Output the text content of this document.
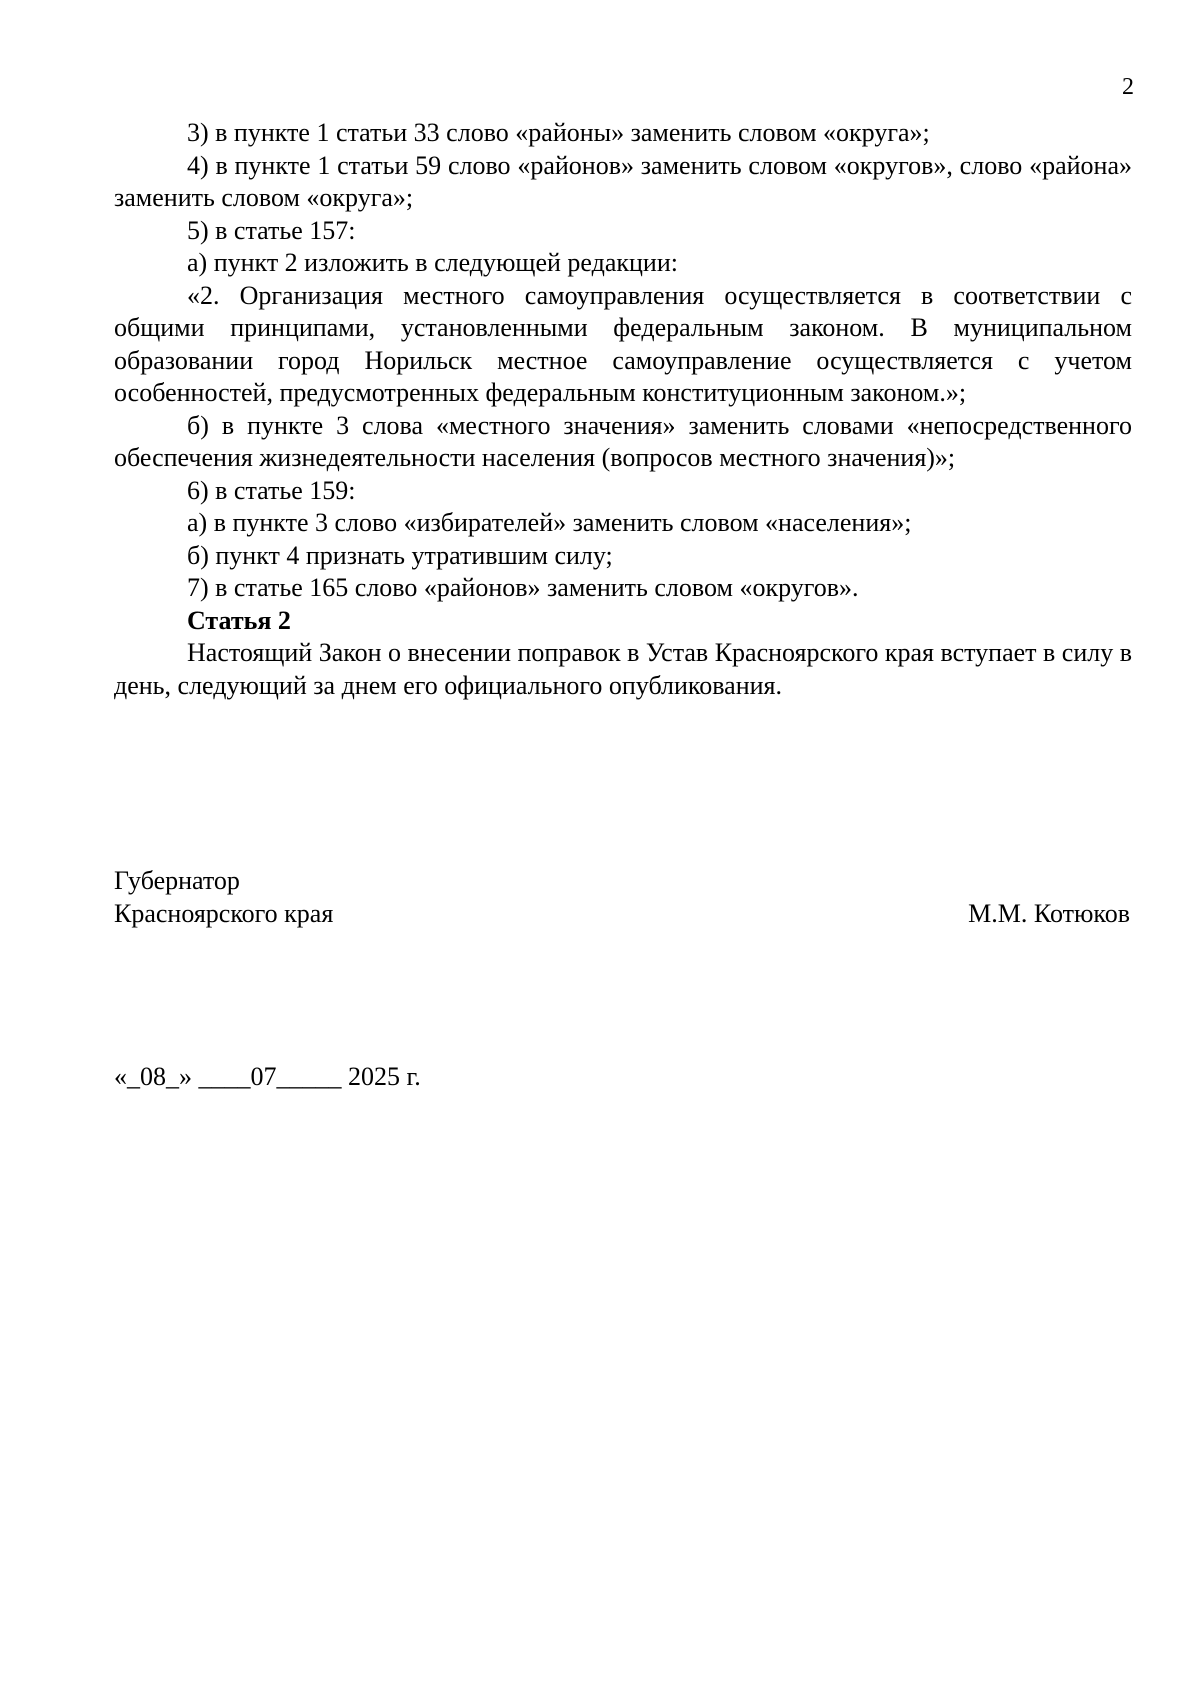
2

3) в пункте 1 статьи 33 слово «районы» заменить словом «округа»;

4) в пункте 1 статьи 59 слово «районов» заменить словом «округов», слово «района» заменить словом «округа»;

5) в статье 157:

а) пункт 2 изложить в следующей редакции:

«2. Организация местного самоуправления осуществляется в соответствии с общими принципами, установленными федеральным законом. В муниципальном образовании город Норильск местное самоуправление осуществляется с учетом особенностей, предусмотренных федеральным конституционным законом.»;

б) в пункте 3 слова «местного значения» заменить словами «непосредственного обеспечения жизнедеятельности населения (вопросов местного значения)»;

6) в статье 159:

а) в пункте 3 слово «избирателей» заменить словом «населения»;

б) пункт 4 признать утратившим силу;

7) в статье 165 слово «районов» заменить словом «округов».

Статья 2

Настоящий Закон о внесении поправок в Устав Красноярского края вступает в силу в день, следующий за днем его официального опубликования.

Губернатор
Красноярского края	М.М. Котюков
«_08_» ____07_____ 2025 г.
